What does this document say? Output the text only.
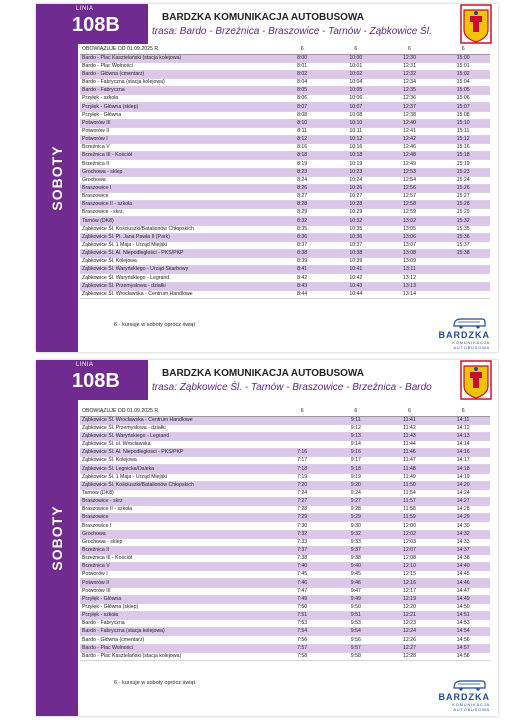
SOBOTY
LINIA
108B	BARDZKA KOMUNIKACJA AUTOBUSOWA
trasa: Bardo - Brzeźnica - Braszowice - Tarnów - Ząbkowice Śl.
OBOWIĄZUJE OD 01.09.2025 R.	6	6	6	6
Bardo - Plac Kasztelański (stacja kolejowa)	8:00	10:00	12:30	15:00
Bardo - Plac Wolności	8:01	10:01	12:31	15:01
Bardo - Główna (cmentarz)	8:02	10:02	12:32	15:02
Bardo - Fabryczna (stacja kolejowa)	8:04	10:04	12:34	15:04
Bardo - Fabryczna	8:05	10:05	12:35	15:05
Przyłęk - szkoła	8:06	10:06	12:36	15:06
Przyłęk - Główna (sklep)	8:07	10:07	12:37	15:07
Przyłęk - Główna	8:08	10:08	12:38	15:08
Potworów III	8:10	10:10	12:40	15:10
Potworów II	8:11	10:11	12:41	15:11
Potworów I	8:12	10:12	12:42	15:12
Brzeźnica V	8:16	10:16	12:46	15:16
Brzeźnica III - Kościół	8:18	10:18	12:48	15:18
Brzeźnica II	8:19	10:19	12:49	15:19
Grochowa - sklep	8:23	10:23	12:53	15:23
Grochowa	8:24	10:24	12:54	15:24
Braszowice I	8:26	10:26	12:56	15:26
Braszowice	8:27	10:27	12:57	15:27
Braszowice II - szkoła	8:28	10:28	12:58	15:28
Braszowice - skrz.	8:29	10:29	12:59	15:29
Tarnów (DK8)	8:32	10:32	13:02	15:32
Ząbkowice Śl. Kościuszki/Batalionów Chłopskich	8:35	10:35	13:05	15:35
Ząbkowice Śl. Pl. Jana Pawła II (Park)	8:36	10:36	13:06	15:36
Ząbkowice Śl. 1 Maja - Urząd Miejski	8:37	10:37	13:07	15:37
Ząbkowice Śl. Al. Niepodległości - PKS/PKP	8:38	10:38	13:08	15:38
Ząbkowice Śl. Kolejowa	8:39	10:39	13:09	
Ząbkowice Śl. Waryńskiego - Urząd Skarbowy	8:41	10:41	13:11	
Ząbkowice Śl. Waryńskiego - Legrand	8:42	10:42	13:12	
Ząbkowice Śl. Przemysłowa - działki	8:43	10:43	13:13	
Ząbkowice Śl. Wrocławska - Centrum Handlowe	8:44	10:44	13:14	
6 - kursuje w soboty oprócz świąt
BARDZKA
KOMUNIKACJA AUTOBUSOWA
SOBOTY
LINIA
108B	BARDZKA KOMUNIKACJA AUTOBUSOWA
trasa: Ząbkowice Śl. - Tarnów - Braszowice - Brzeźnica - Bardo
OBOWIĄZUJE OD 01.09.2025 R.	6	6	6	6
Ząbkowice Śl. Wrocławska - Centrum Handlowe		9:11	11:41	14:11
Ząbkowice Śl. Przemysłowa - działki		9:12	11:42	14:12
Ząbkowice Śl. Waryńskiego - Legrand		9:13	11:43	14:13
Ząbkowice Śl. ul. Wrocławska		9:14	11:44	14:14
Ząbkowice Śl. Al. Niepodległości - PKS/PKP	7:16	9:16	11:46	14:16
Ząbkowice Śl. Kolejowa	7:17	9:17	11:47	14:17
Ząbkowice Śl. Legnicka/Daleka	7:18	9:18	11:48	14:18
Ząbkowice Śl. 1 Maja - Urząd Miejski	7:19	9:19	11:49	14:19
Ząbkowice Śl. Kościuszki/Batalionów Chłopskich	7:20	9:20	11:50	14:20
Tarnów (DK8)	7:24	9:24	11:54	14:24
Braszowice - skrz	7:27	9:27	11:57	14:27
Braszowice II - szkoła	7:28	9:28	11:58	14:28
Braszowice	7:29	9:29	11:59	14:29
Braszowice I	7:30	9:30	12:00	14:30
Grochowa	7:32	9:32	12:02	14:32
Grochowa - sklep	7:33	9:33	12:03	14:33
Brzeźnica II	7:37	9:37	12:07	14:37
Brzeźnica III - Kościół	7:38	9:38	12:08	14:38
Brzeźnica V	7:40	9:40	12:10	14:40
Potworów I	7:45	9:45	12:15	14:45
Potworów II	7:46	9:46	12:16	14:46
Potworów III	7:47	9:47	12:17	14:47
Przyłęk - Główna	7:49	9:49	12:19	14:49
Przyłęk - Główna (sklep)	7:50	9:50	12:20	14:50
Przyłęk - szkoła	7:51	9:51	12:21	14:51
Bardo - Fabryczna	7:53	9:53	12:23	14:53
Bardo - Fabryczna (stacja kolejowa)	7:54	9:54	12:24	14:54
Bardo - Główna (cmentarz)	7:56	9:56	12:26	14:56
Bardo - Plac Wolności	7:57	9:57	12:27	14:57
Bardo - Plac Kasztelański (stacja kolejowa)	7:58	9:58	12:28	14:58
6 - kursuje w soboty oprócz świąt
BARDZKA
KOMUNIKACJA AUTOBUSOWA
